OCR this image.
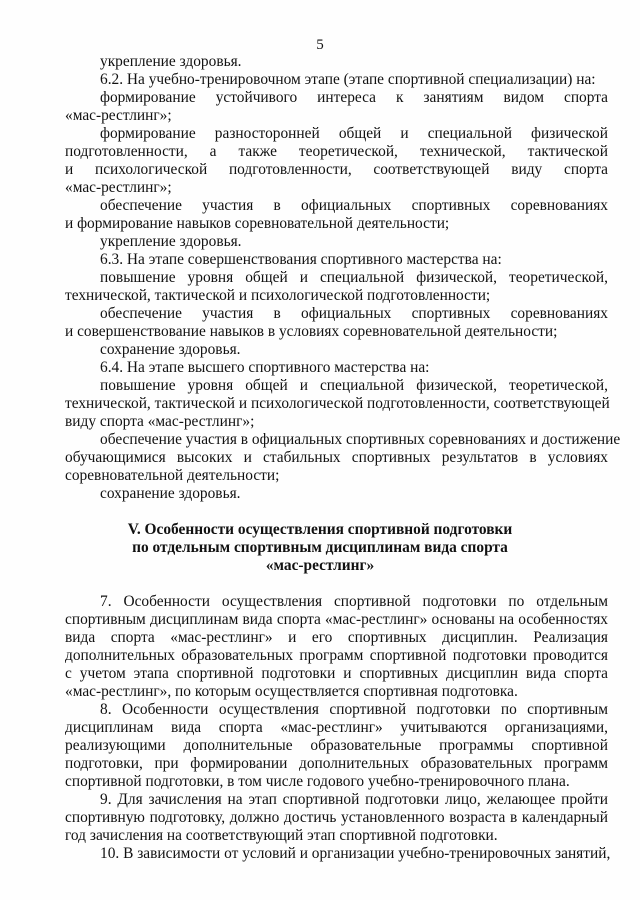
5
укрепление здоровья.
6.2. На учебно-тренировочном этапе (этапе спортивной специализации) на:
формирование устойчивого интереса к занятиям видом спорта
«мас-рестлинг»;
формирование разносторонней общей и специальной физической
подготовленности, а также теоретической, технической, тактической
и психологической подготовленности, соответствующей виду спорта
«мас-рестлинг»;
обеспечение участия в официальных спортивных соревнованиях
и формирование навыков соревновательной деятельности;
укрепление здоровья.
6.3. На этапе совершенствования спортивного мастерства на:
повышение уровня общей и специальной физической, теоретической,
технической, тактической и психологической подготовленности;
обеспечение участия в официальных спортивных соревнованиях
и совершенствование навыков в условиях соревновательной деятельности;
сохранение здоровья.
6.4. На этапе высшего спортивного мастерства на:
повышение уровня общей и специальной физической, теоретической,
технической, тактической и психологической подготовленности, соответствующей
виду спорта «мас-рестлинг»;
обеспечение участия в официальных спортивных соревнованиях и достижение
обучающимися высоких и стабильных спортивных результатов в условиях
соревновательной деятельности;
сохранение здоровья.
V. Особенности осуществления спортивной подготовки
по отдельным спортивным дисциплинам вида спорта
«мас-рестлинг»
7. Особенности осуществления спортивной подготовки по отдельным
спортивным дисциплинам вида спорта «мас-рестлинг» основаны на особенностях
вида спорта «мас-рестлинг» и его спортивных дисциплин. Реализация
дополнительных образовательных программ спортивной подготовки проводится
с учетом этапа спортивной подготовки и спортивных дисциплин вида спорта
«мас-рестлинг», по которым осуществляется спортивная подготовка.
8. Особенности осуществления спортивной подготовки по спортивным
дисциплинам вида спорта «мас-рестлинг» учитываются организациями,
реализующими дополнительные образовательные программы спортивной
подготовки, при формировании дополнительных образовательных программ
спортивной подготовки, в том числе годового учебно-тренировочного плана.
9. Для зачисления на этап спортивной подготовки лицо, желающее пройти
спортивную подготовку, должно достичь установленного возраста в календарный
год зачисления на соответствующий этап спортивной подготовки.
10. В зависимости от условий и организации учебно-тренировочных занятий,
